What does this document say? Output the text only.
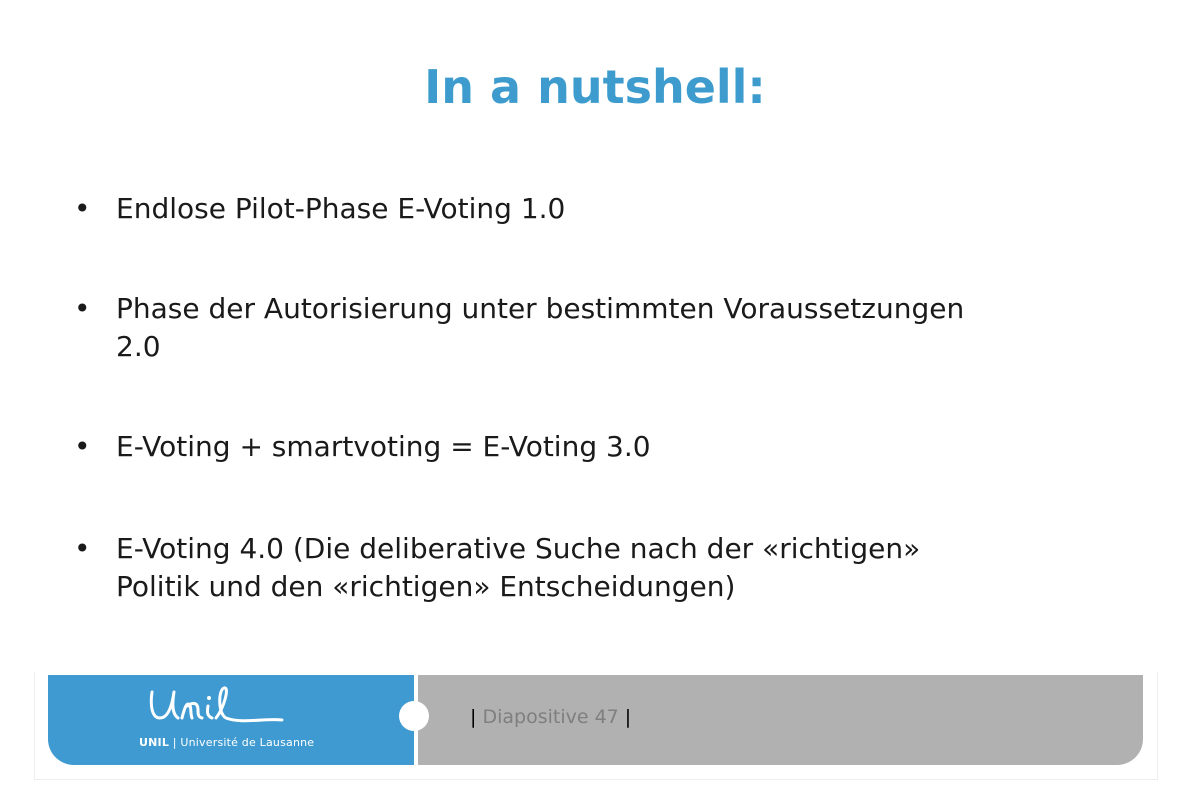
In a nutshell:
• Endlose Pilot-Phase E-Voting 1.0
• Phase der Autorisierung unter bestimmten Voraussetzungen
2.0
• E-Voting + smartvoting = E-Voting 3.0
• E-Voting 4.0 (Die deliberative Suche nach der «richtigen»
Politik und den «richtigen» Entscheidungen)
UNIL | Université de Lausanne
| Diapositive 47 |
